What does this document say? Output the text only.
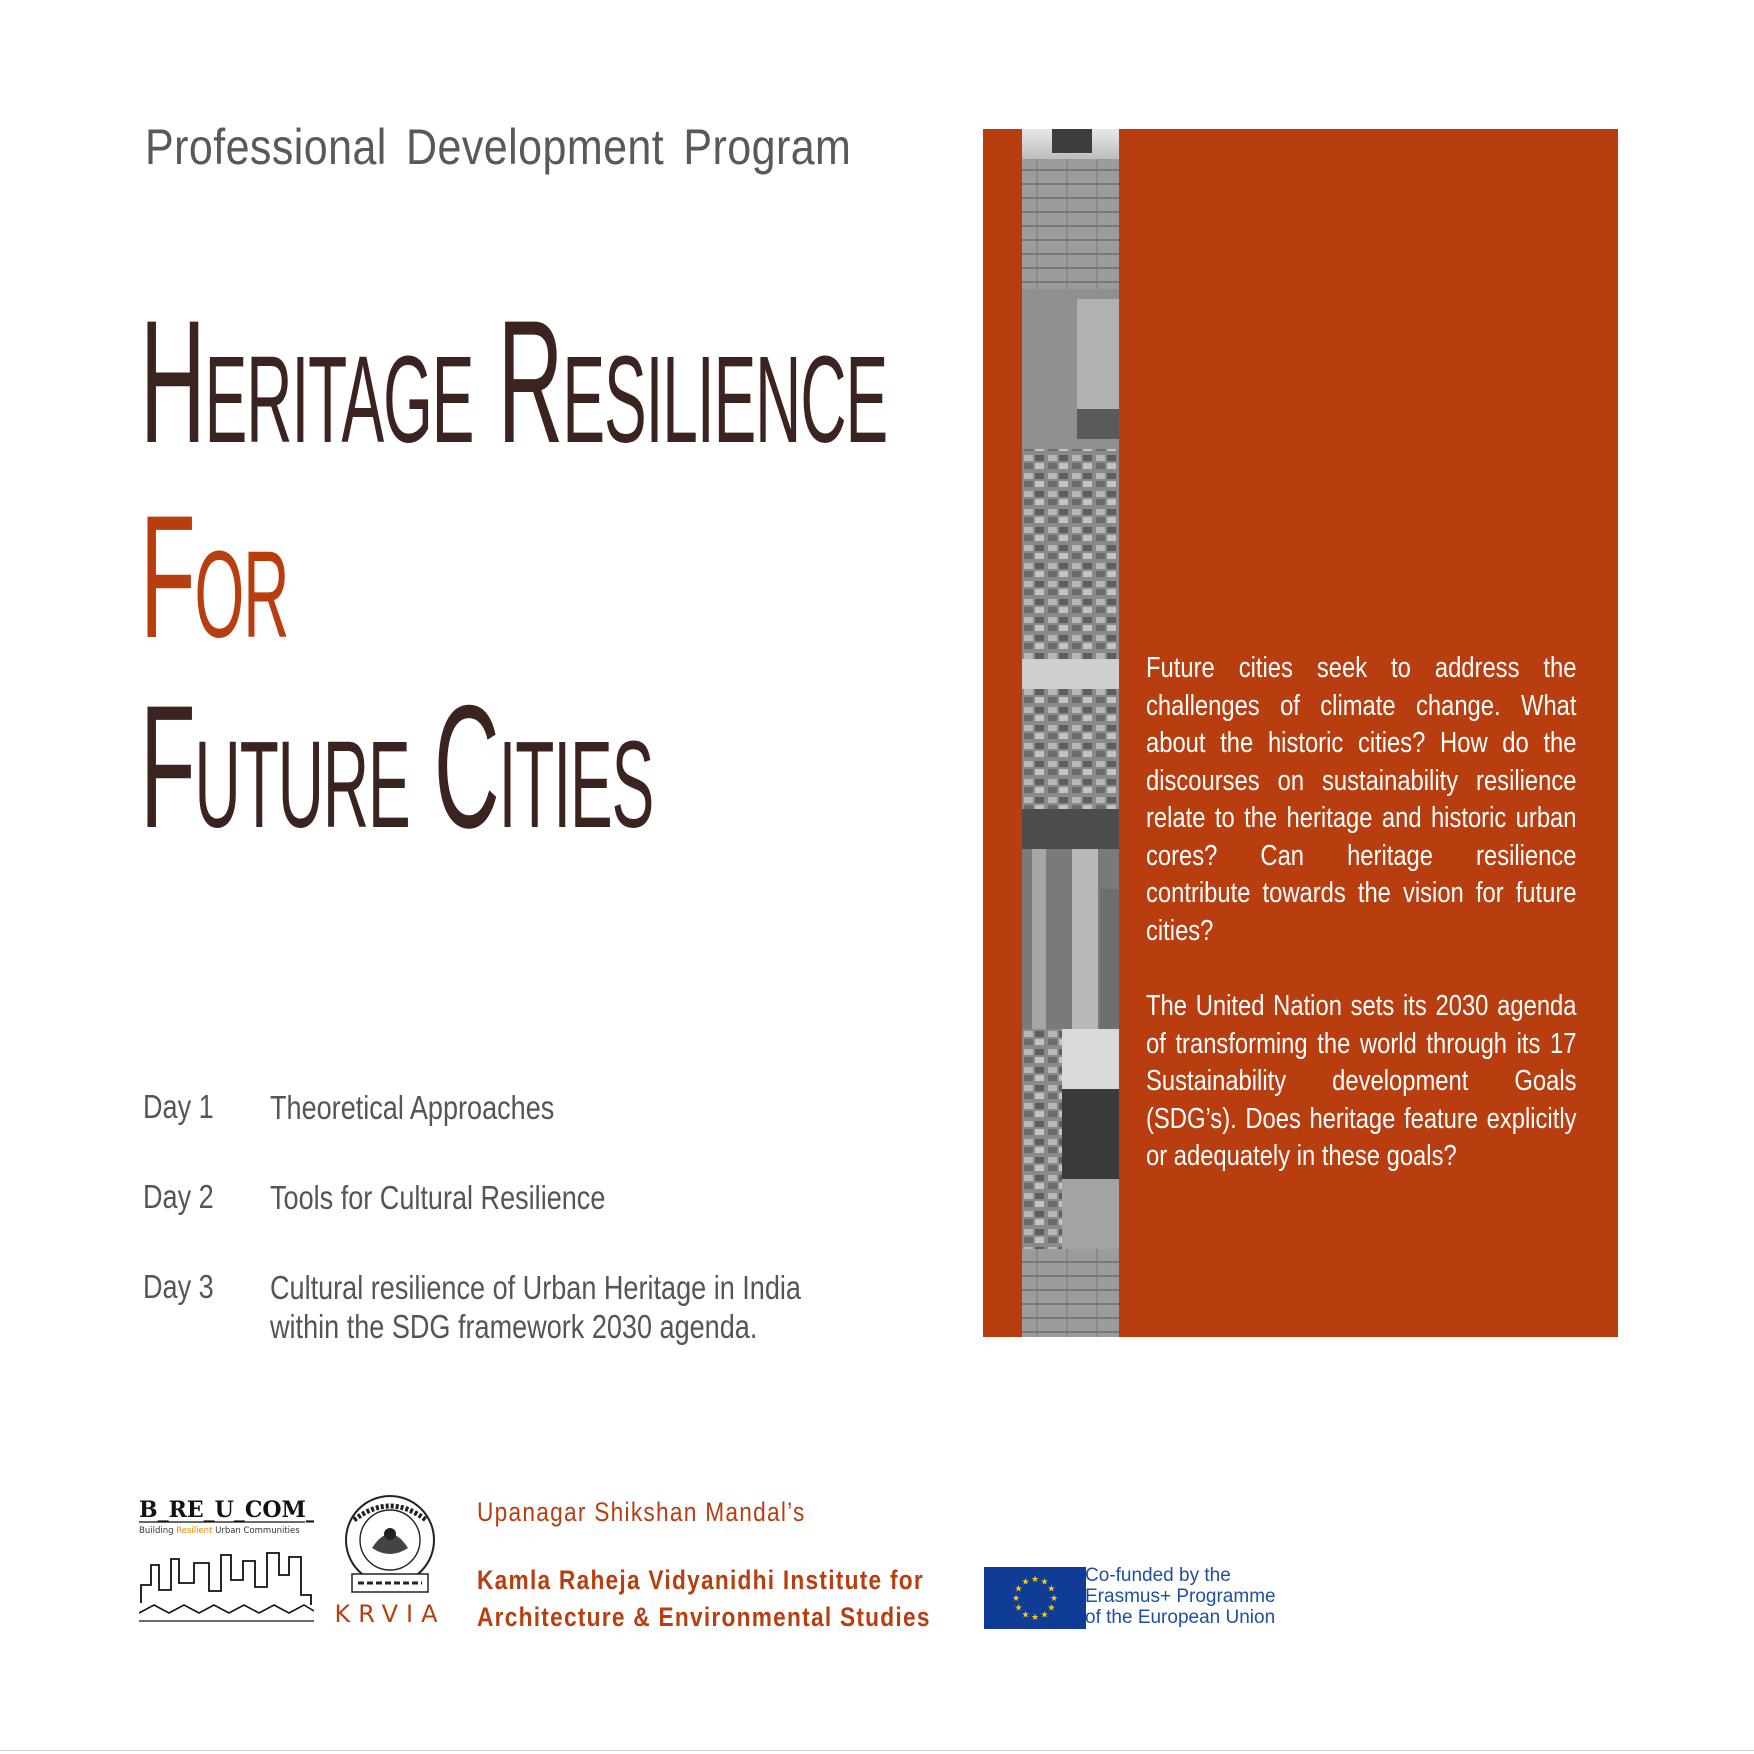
Professional Development Program
Heritage Resilience
For
Future Cities
Day 1 Theoretical Approaches
Day 2 Tools for Cultural Resilience
Day 3 Cultural resilience of Urban Heritage in India within the SDG framework 2030 agenda.

Future cities seek to address the challenges of climate change. What about the historic cities? How do the discourses on sustainability resilience relate to the heritage and historic urban cores? Can heritage resilience contribute towards the vision for future cities?

The United Nation sets its 2030 agenda of transforming the world through its 17 Sustainability development Goals (SDG’s). Does heritage feature explicitly or adequately in these goals?

B_RE_U_COM_
Building Resilient Urban Communities
KRVIA
Upanagar Shikshan Mandal’s
Kamla Raheja Vidyanidhi Institute for
Architecture & Environmental Studies
★ ★
★
★
★
★
★
★
★
★
★
★	Co-funded by the
Erasmus+ Programme
of the European Union
